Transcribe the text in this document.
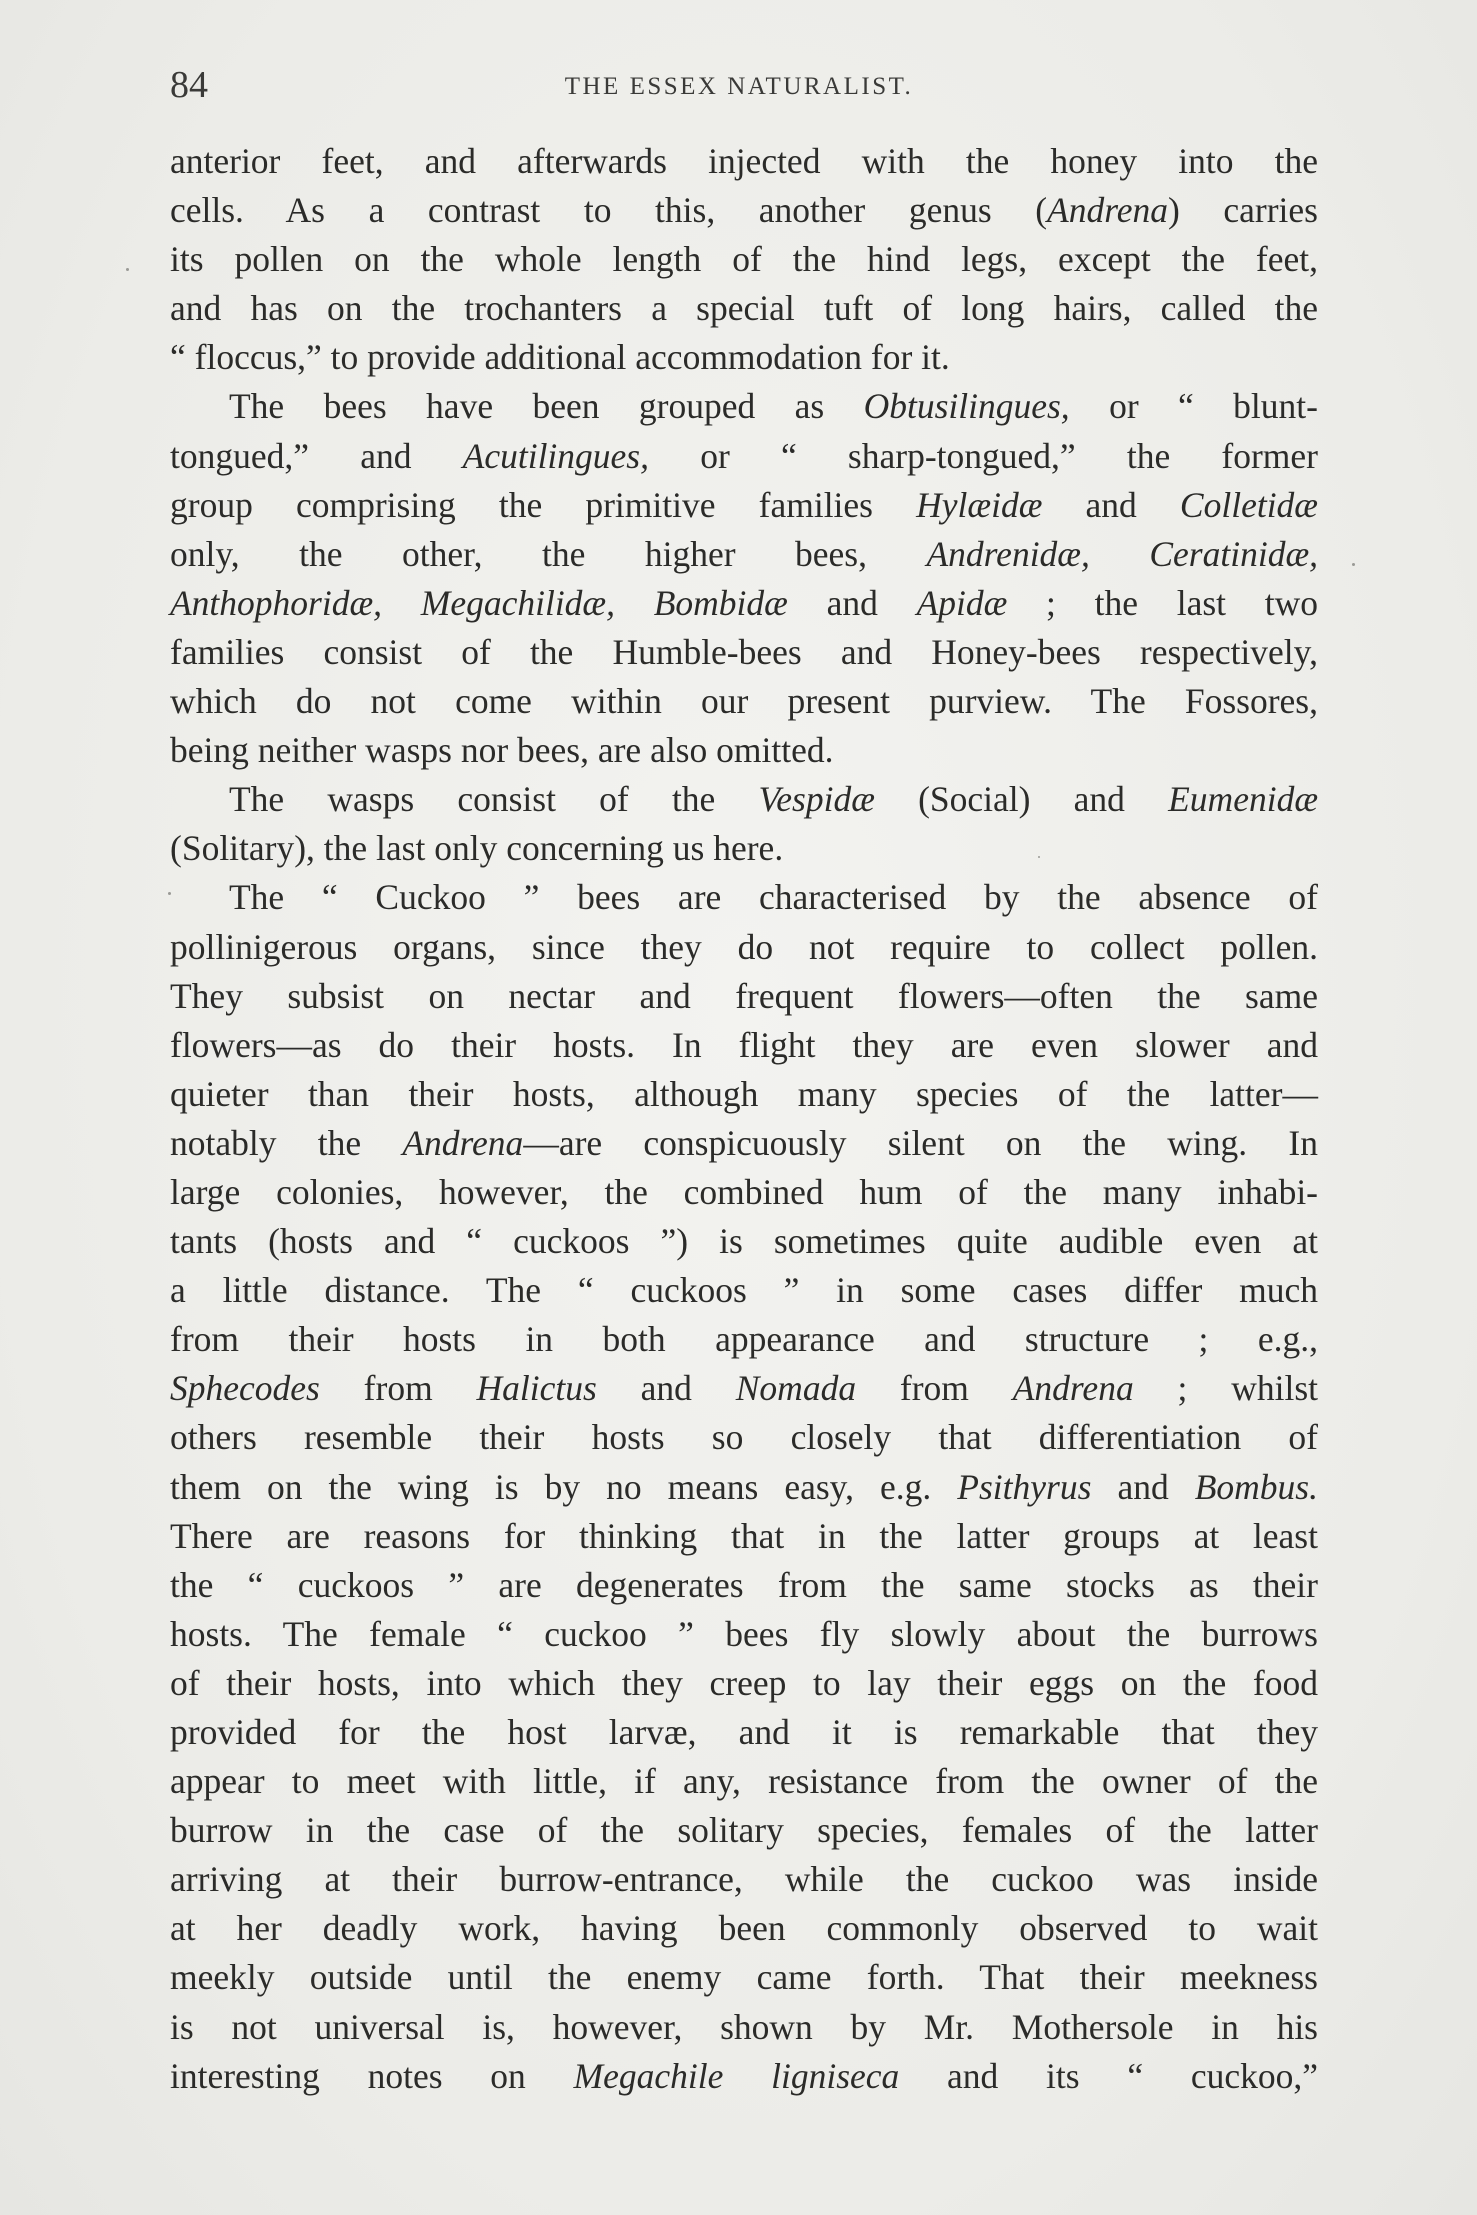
84	THE ESSEX NATURALIST.
anterior feet, and afterwards injected with the honey into the
cells. As a contrast to this, another genus (Andrena) carries
its pollen on the whole length of the hind legs, except the feet,
and has on the trochanters a special tuft of long hairs, called the
“ floccus,” to provide additional accommodation for it.
The bees have been grouped as Obtusilingues, or “ blunt-
tongued,” and Acutilingues, or “ sharp-tongued,” the former
group comprising the primitive families Hylæidæ and Colletidæ
only, the other, the higher bees, Andrenidæ, Ceratinidæ,
Anthophoridæ, Megachilidæ, Bombidæ and Apidæ ; the last two
families consist of the Humble-bees and Honey-bees respectively,
which do not come within our present purview. The Fossores,
being neither wasps nor bees, are also omitted.
The wasps consist of the Vespidæ (Social) and Eumenidæ
(Solitary), the last only concerning us here.
The “ Cuckoo ” bees are characterised by the absence of
pollinigerous organs, since they do not require to collect pollen.
They subsist on nectar and frequent flowers—often the same
flowers—as do their hosts. In flight they are even slower and
quieter than their hosts, although many species of the latter—
notably the Andrena—are conspicuously silent on the wing. In
large colonies, however, the combined hum of the many inhabi-
tants (hosts and “ cuckoos ”) is sometimes quite audible even at
a little distance. The “ cuckoos ” in some cases differ much
from their hosts in both appearance and structure ; e.g.,
Sphecodes from Halictus and Nomada from Andrena ; whilst
others resemble their hosts so closely that differentiation of
them on the wing is by no means easy, e.g. Psithyrus and Bombus.
There are reasons for thinking that in the latter groups at least
the “ cuckoos ” are degenerates from the same stocks as their
hosts. The female “ cuckoo ” bees fly slowly about the burrows
of their hosts, into which they creep to lay their eggs on the food
provided for the host larvæ, and it is remarkable that they
appear to meet with little, if any, resistance from the owner of the
burrow in the case of the solitary species, females of the latter
arriving at their burrow-entrance, while the cuckoo was inside
at her deadly work, having been commonly observed to wait
meekly outside until the enemy came forth. That their meekness
is not universal is, however, shown by Mr. Mothersole in his
interesting notes on Megachile ligniseca and its “ cuckoo,”
